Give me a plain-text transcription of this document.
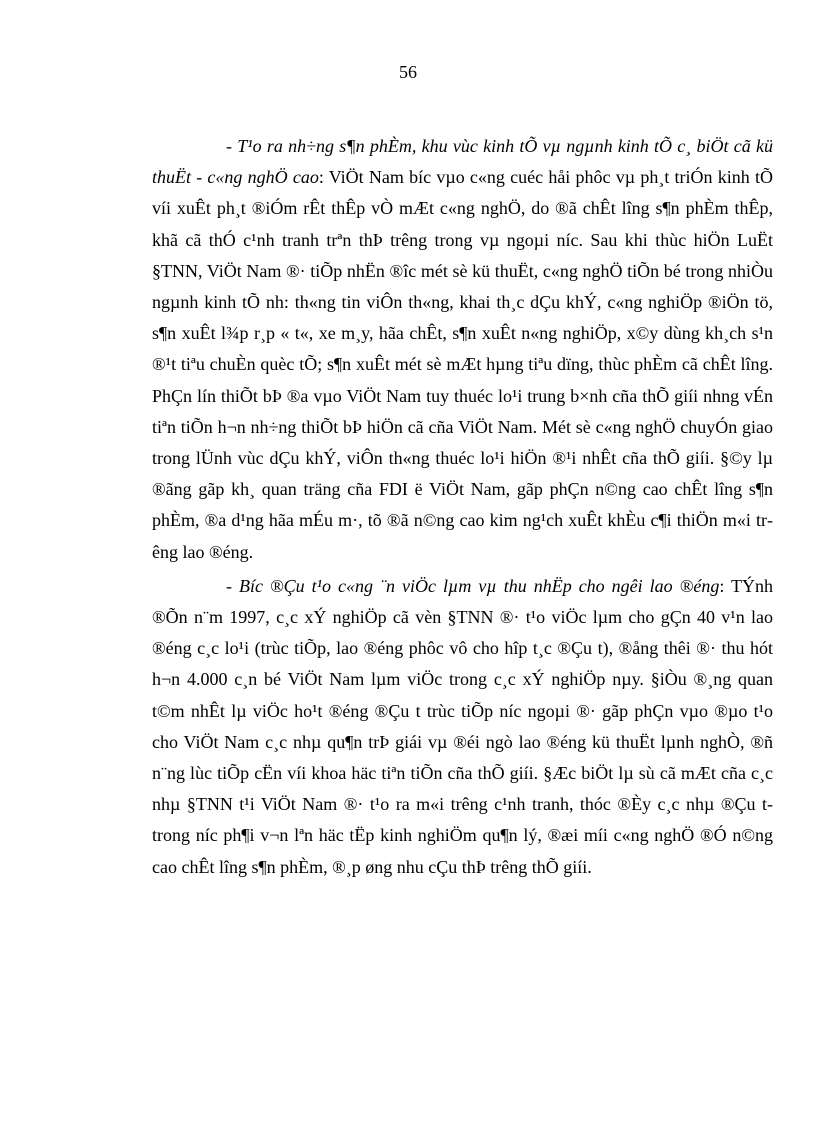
56

- T¹o ra nh÷ng s¶n phÈm, khu vùc kinh tÕ vµ ngµnh kinh tÕ c¸ biÖt cã kü thuËt - c«ng nghÖ cao: ViÖt Nam bíc vµo c«ng cuéc håi phôc vµ ph¸t triÓn kinh tÕ víi xuÊt ph¸t ®iÓm rÊt thÊp vÒ mÆt c«ng nghÖ, do ®ã chÊt lîng s¶n phÈm thÊp, khã cã thÓ c¹nh tranh trªn thÞ trêng trong vµ ngoµi níc. Sau khi thùc hiÖn LuËt §TNN, ViÖt Nam ®· tiÕp nhËn ®îc mét sè kü thuËt, c«ng nghÖ tiÕn bé trong nhiÒu ngµnh kinh tÕ nh: th«ng tin viÔn th«ng, khai th¸c dÇu khÝ, c«ng nghiÖp ®iÖn tö, s¶n xuÊt l¾p r¸p « t«, xe m¸y, hãa chÊt, s¶n xuÊt n«ng nghiÖp, x©y dùng kh¸ch s¹n ®¹t tiªu chuÈn quèc tÕ; s¶n xuÊt mét sè mÆt hµng tiªu dïng, thùc phÈm cã chÊt lîng. PhÇn lín thiÕt bÞ ®a vµo ViÖt Nam tuy thuéc lo¹i trung b×nh cña thÕ giíi nhng vÉn tiªn tiÕn h¬n nh÷ng thiÕt bÞ hiÖn cã cña ViÖt Nam. Mét sè c«ng nghÖ chuyÓn giao trong lÜnh vùc dÇu khÝ, viÔn th«ng thuéc lo¹i hiÖn ®¹i nhÊt cña thÕ giíi. §©y lµ ®ãng gãp kh¸ quan träng cña FDI ë ViÖt Nam, gãp phÇn n©ng cao chÊt lîng s¶n phÈm, ®a d¹ng hãa mÉu m·, tõ ®ã n©ng cao kim ng¹ch xuÊt khÈu c¶i thiÖn m«i trêng lao ®éng.

- Bíc ®Çu t¹o c«ng ¨n viÖc lµm vµ thu nhËp cho ngêi lao ®éng: TÝnh ®Õn n¨m 1997, c¸c xÝ nghiÖp cã vèn §TNN ®· t¹o viÖc lµm cho gÇn 40 v¹n lao ®éng c¸c lo¹i (trùc tiÕp, lao ®éng phôc vô cho hîp t¸c ®Çu t), ®ång thêi ®· thu hót h¬n 4.000 c¸n bé ViÖt Nam lµm viÖc trong c¸c xÝ nghiÖp nµy. §iÒu ®¸ng quan t©m nhÊt lµ viÖc ho¹t ®éng ®Çu t trùc tiÕp níc ngoµi ®· gãp phÇn vµo ®µo t¹o cho ViÖt Nam c¸c nhµ qu¶n trÞ giái vµ ®éi ngò lao ®éng kü thuËt lµnh nghÒ, ®ñ n¨ng lùc tiÕp cËn víi khoa häc tiªn tiÕn cña thÕ giíi. §Æc biÖt lµ sù cã mÆt cña c¸c nhµ §TNN t¹i ViÖt Nam ®· t¹o ra m«i trêng c¹nh tranh, thóc ®Èy c¸c nhµ ®Çu t trong níc ph¶i v¬n lªn häc tËp kinh nghiÖm qu¶n lý, ®æi míi c«ng nghÖ ®Ó n©ng cao chÊt lîng s¶n phÈm, ®¸p øng nhu cÇu thÞ trêng thÕ giíi.
